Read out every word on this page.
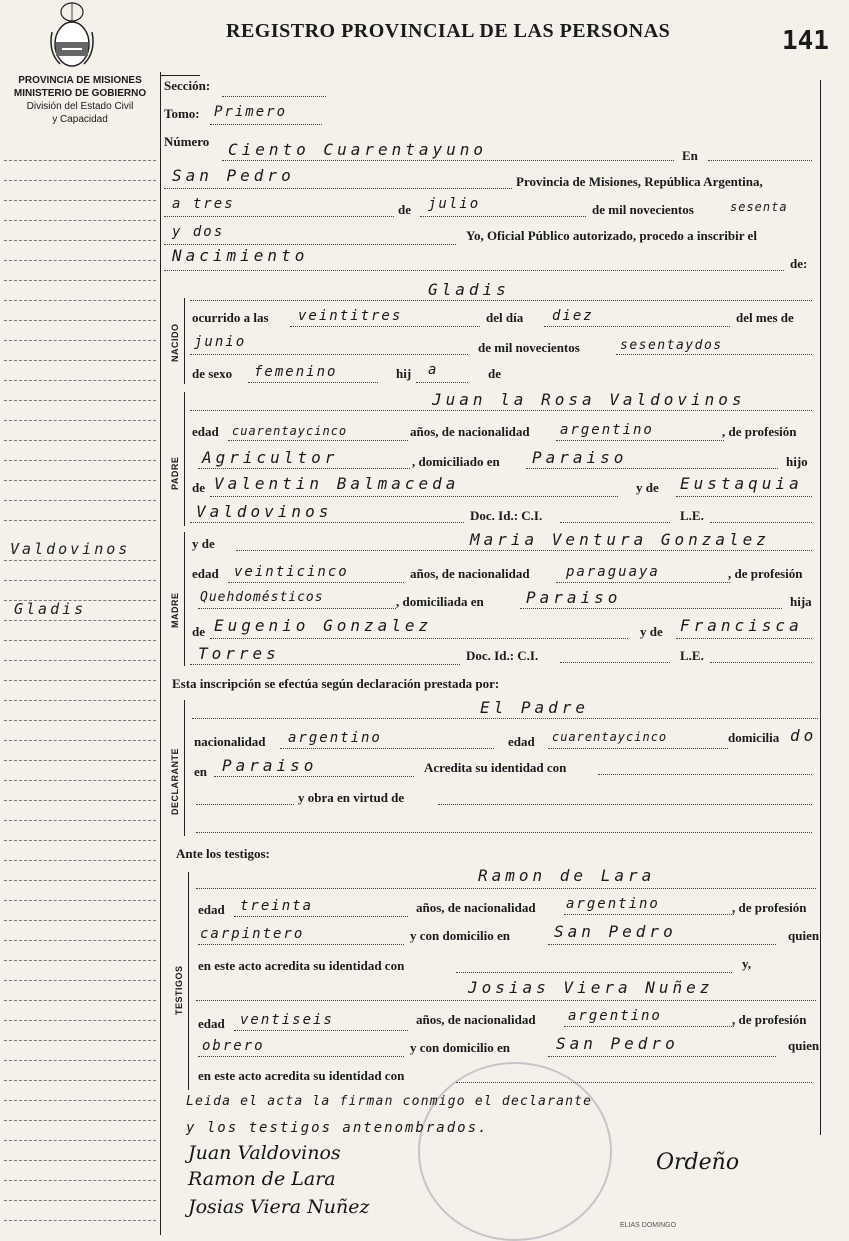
REGISTRO PROVINCIAL DE LAS PERSONAS	141
PROVINCIA DE MISIONES
MINISTERIO DE GOBIERNO

División del Estado Civil
y Capacidad
Valdovinos
Gladis
NACIDO
PADRE
MADRE
DECLARANTE
TESTIGOS
Sección:
Tomo: Primero
Número Ciento Cuarentayuno	En
San Pedro	Provincia de Misiones, República Argentina,
a tres	de julio	de mil novecientos	sesenta
y dos	Yo, Oficial Público autorizado, procedo a inscribir el
Nacimiento	de:
Gladis
ocurrido a las veintitres	del día diez	del mes de
junio	de mil novecientos	sesentaydos
de sexo femenino	hij a	de
Juan la Rosa Valdovinos
edad cuarentaycinco	años, de nacionalidad argentino	, de profesión
Agricultor	, domiciliado en Paraiso	hijo
de Valentin Balmaceda	y de Eustaquia
Valdovinos	Doc. Id.: C.I.	L.E.
y de	Maria Ventura Gonzalez
edad veinticinco	años, de nacionalidad	paraguaya	, de profesión
Quehdomésticos	, domiciliada en	Paraiso	hija
de Eugenio Gonzalez	y de Francisca
Torres	Doc. Id.: C.I.	L.E.
Esta inscripción se efectúa según declaración prestada por:
El Padre
nacionalidad argentino	edad cuarentaycinco	domicilia do
en Paraiso	Acredita su identidad con
y obra en virtud de
Ante los testigos:
Ramon de Lara
edad treinta	años, de nacionalidad argentino	, de profesión
carpintero	y con domicilio en	San Pedro	quien
en este acto acredita su identidad con	y,
Josias Viera Nuñez
edad ventiseis	años, de nacionalidad argentino	, de profesión
obrero	y con domicilio en	San Pedro	quien
en este acto acredita su identidad con
ELIAS DOMINGO
Leida el acta la firman conmigo el declarante
y los testigos antenombrados.
Juan Valdovinos
Ramon de Lara
Josias Viera Nuñez
Ordeño
